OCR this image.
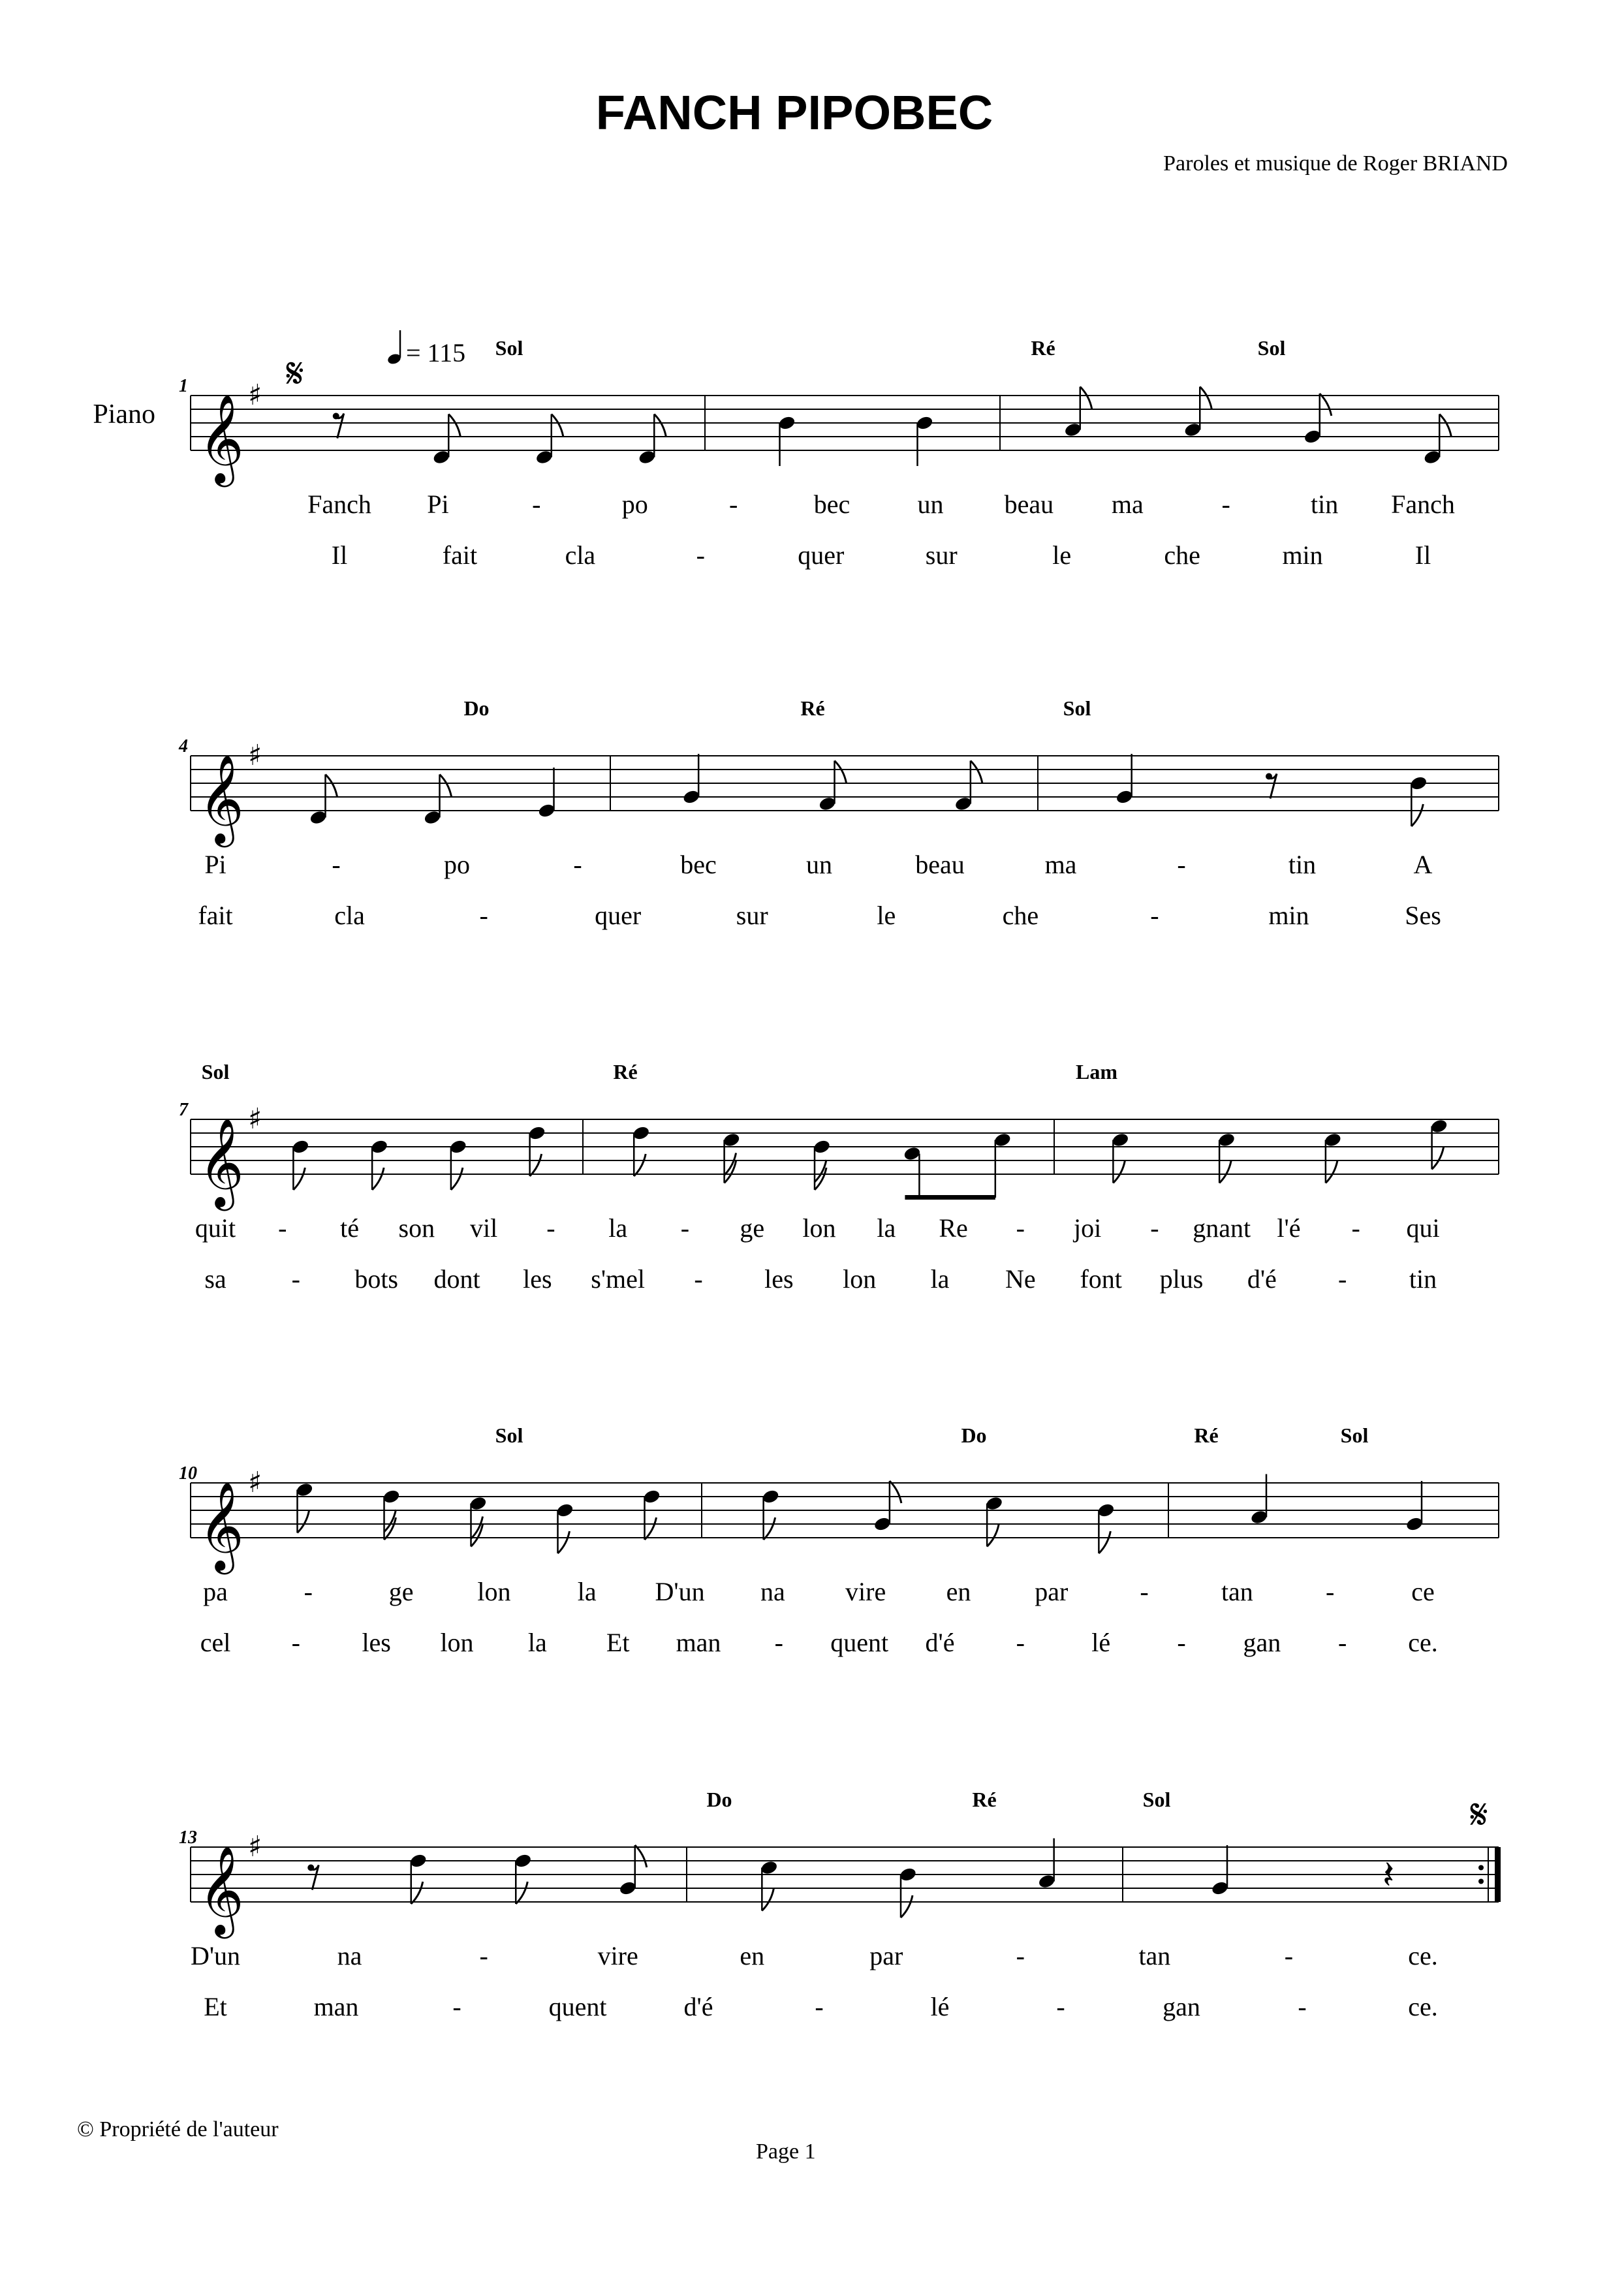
FANCH PIPOBEC
Paroles et musique de Roger BRIAND
1
𝄞 ♯
Piano
𝄋	= 115 Sol	Ré	Sol
Fanch Pi	-	po	-	bec	un beau ma	-	tin Fanch
Il	fait	cla	-	quer	sur	le	che	min	Il
4
𝄞 ♯
Do	Ré	Sol
Pi	-	po	-	bec	un	beau	ma	-	tin	A
fait	cla	-	quer	sur	le	che	-	min	Ses
7
𝄞 ♯
Sol	Ré	Lam
quit - té son vil - la - ge lon la Re - joi - gnant l'é - qui
sa	- bots dont les s'mel - les lon la Ne font plus d'é - tin
10
𝄞 ♯
Sol	Do	Ré	Sol
pa	-	ge lon	la D'un na vire en par	-	tan	-	ce
cel - les lon la Et man - quent d'é -	lé	- gan - ce.
13
𝄞 ♯
𝄽
Do	Ré	Sol
D'un	na	-	vire	en	par	-	tan	-	ce.
Et	man	-	quent	d'é	-	lé	-	gan	-	ce.
𝄋
© Propriété de l'auteur
Page 1
